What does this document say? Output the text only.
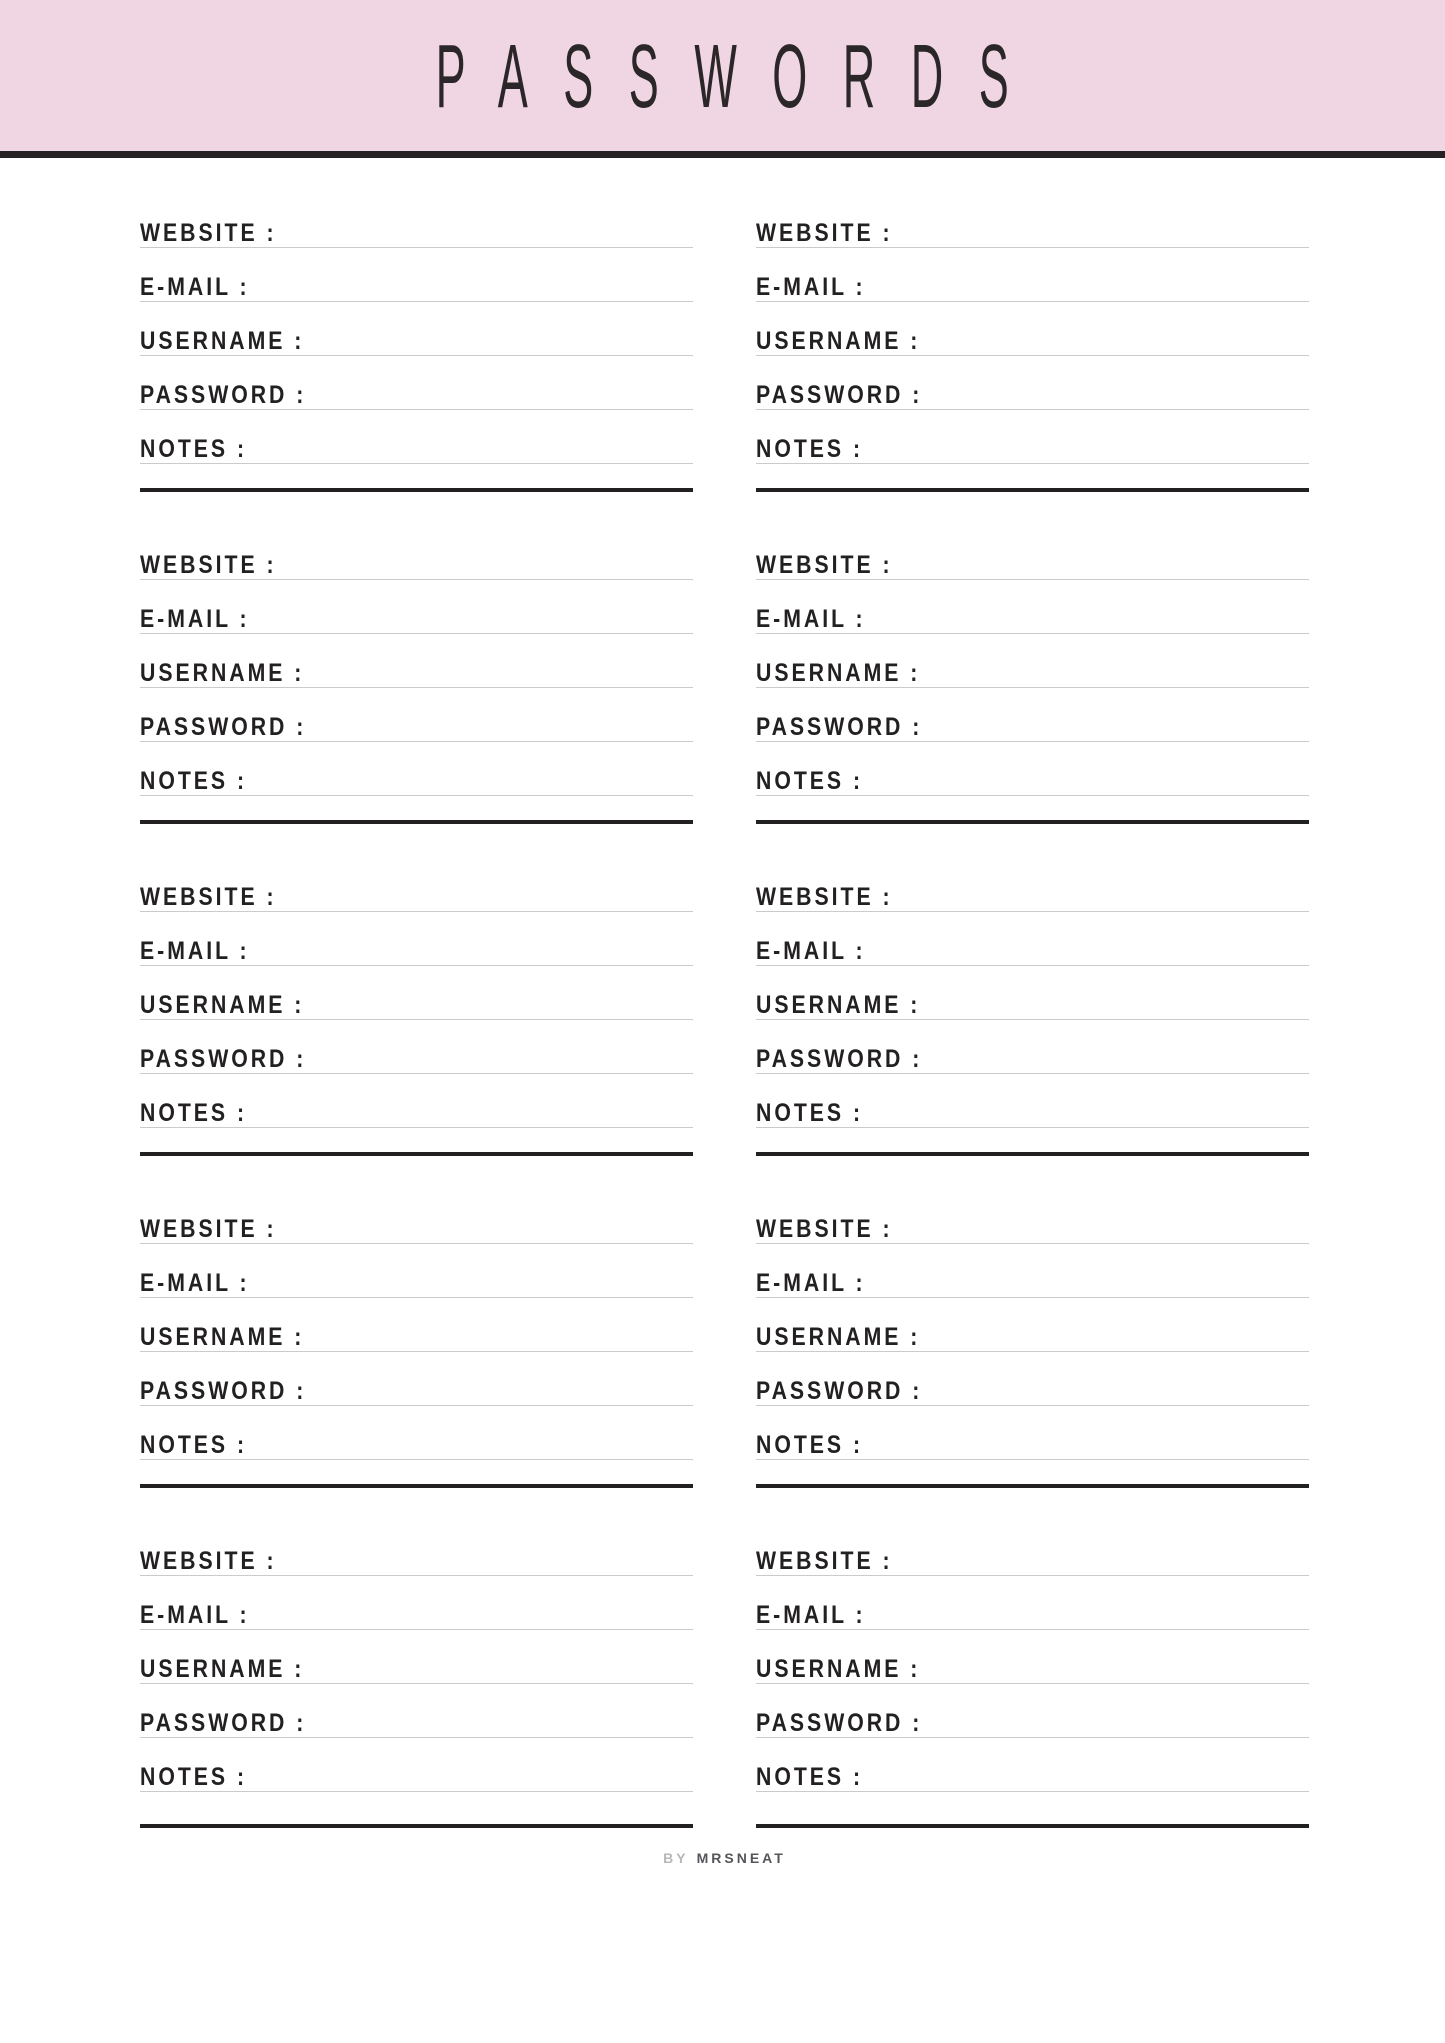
PASSWORDS
WEBSITE :
E-MAIL :
USERNAME :
PASSWORD :
NOTES :
WEBSITE :
E-MAIL :
USERNAME :
PASSWORD :
NOTES :
WEBSITE :
E-MAIL :
USERNAME :
PASSWORD :
NOTES :
WEBSITE :
E-MAIL :
USERNAME :
PASSWORD :
NOTES :
WEBSITE :
E-MAIL :
USERNAME :
PASSWORD :
NOTES :
WEBSITE :
E-MAIL :
USERNAME :
PASSWORD :
NOTES :
WEBSITE :
E-MAIL :
USERNAME :
PASSWORD :
NOTES :
WEBSITE :
E-MAIL :
USERNAME :
PASSWORD :
NOTES :
WEBSITE :
E-MAIL :
USERNAME :
PASSWORD :
NOTES :
WEBSITE :
E-MAIL :
USERNAME :
PASSWORD :
NOTES :
BY MRSNEAT
